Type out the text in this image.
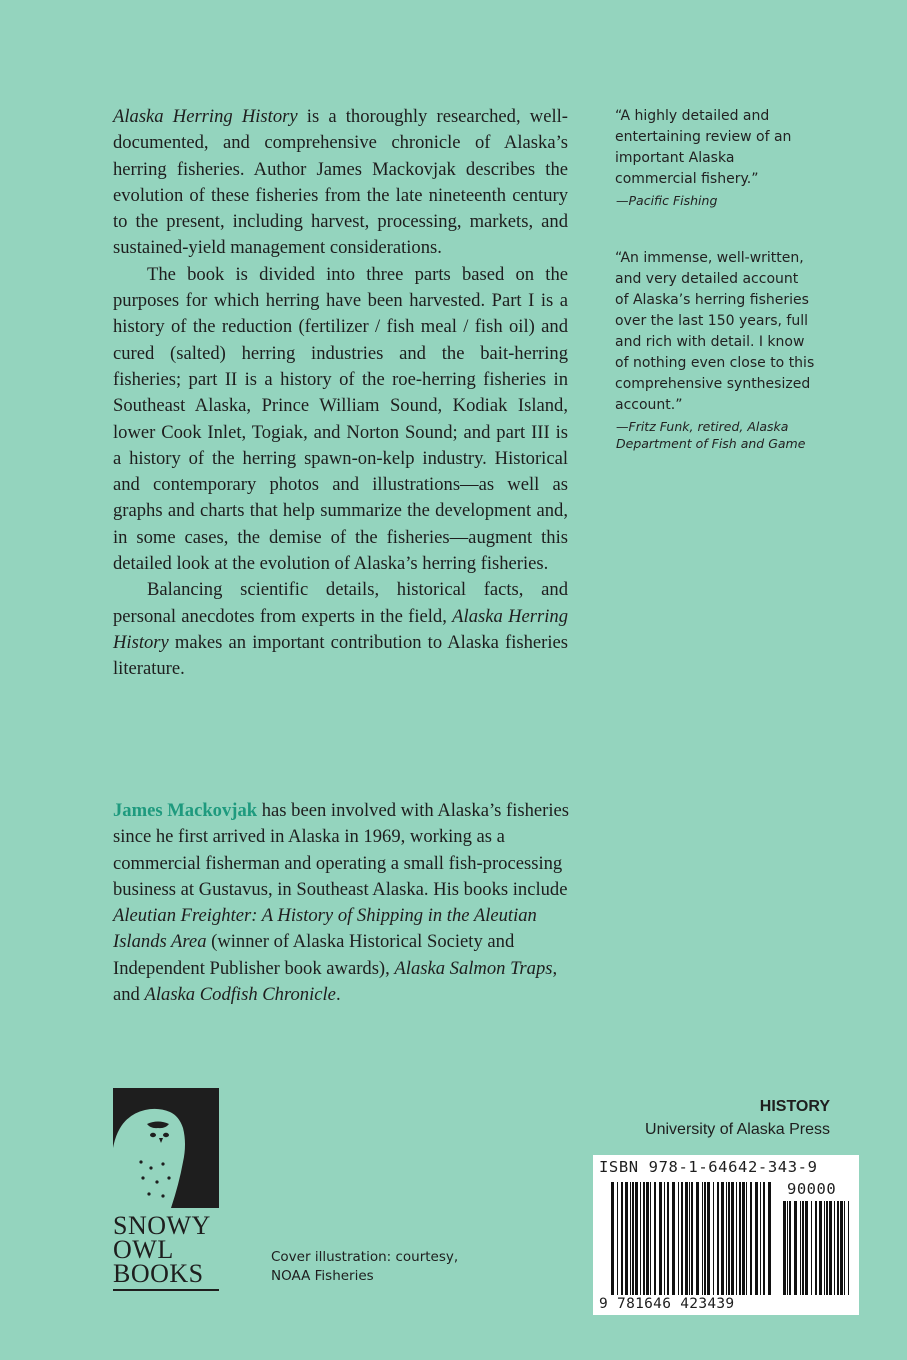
Alaska Herring History is a thoroughly researched, well-documented, and comprehensive chronicle of Alaska’s herring fisheries. Author James Mackovjak describes the evolution of these fisheries from the late nineteenth century to the present, including harvest, processing, markets, and sustained-yield management considerations.

The book is divided into three parts based on the purposes for which herring have been harvested. Part I is a history of the reduction (fertilizer / fish meal / fish oil) and cured (salted) herring industries and the bait-herring fisheries; part II is a history of the roe-herring fisheries in Southeast Alaska, Prince William Sound, Kodiak Island, lower Cook Inlet, Togiak, and Norton Sound; and part III is a history of the herring spawn-on-kelp industry. Historical and contemporary photos and illustrations—as well as graphs and charts that help summarize the development and, in some cases, the demise of the fisheries—augment this detailed look at the evolution of Alaska’s herring fisheries.

Balancing scientific details, historical facts, and personal anecdotes from experts in the field, Alaska Herring History makes an important contribution to Alaska fisheries literature.

“A highly detailed and entertaining review of an important Alaska commercial fishery.”

—Pacific Fishing

“An immense, well-written, and very detailed account of Alaska’s herring fisheries over the last 150 years, full and rich with detail. I know of nothing even close to this comprehensive synthesized account.”

—Fritz Funk, retired, Alaska Department of Fish and Game

James Mackovjak has been involved with Alaska’s fisheries since he first arrived in Alaska in 1969, working as a commercial fisherman and operating a small fish-processing business at Gustavus, in Southeast Alaska. His books include Aleutian Freighter: A History of Shipping in the Aleutian Islands Area (winner of Alaska Historical Society and Independent Publisher book awards), Alaska Salmon Traps, and Alaska Codfish Chronicle.

SNOWY
OWL
BOOKS
Cover illustration: courtesy,
NOAA Fisheries
HISTORY
University of Alaska Press
ISBN 978-1-64642-343-9
90000
9 781646 423439
